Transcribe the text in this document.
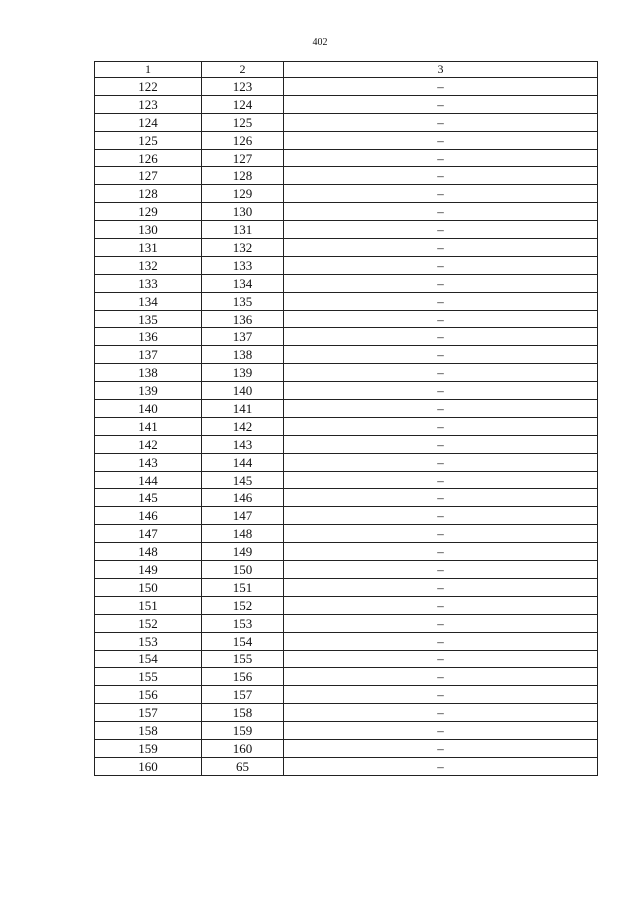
402
1	2	3
122	123	–
123	124	–
124	125	–
125	126	–
126	127	–
127	128	–
128	129	–
129	130	–
130	131	–
131	132	–
132	133	–
133	134	–
134	135	–
135	136	–
136	137	–
137	138	–
138	139	–
139	140	–
140	141	–
141	142	–
142	143	–
143	144	–
144	145	–
145	146	–
146	147	–
147	148	–
148	149	–
149	150	–
150	151	–
151	152	–
152	153	–
153	154	–
154	155	–
155	156	–
156	157	–
157	158	–
158	159	–
159	160	–
160	65	–
